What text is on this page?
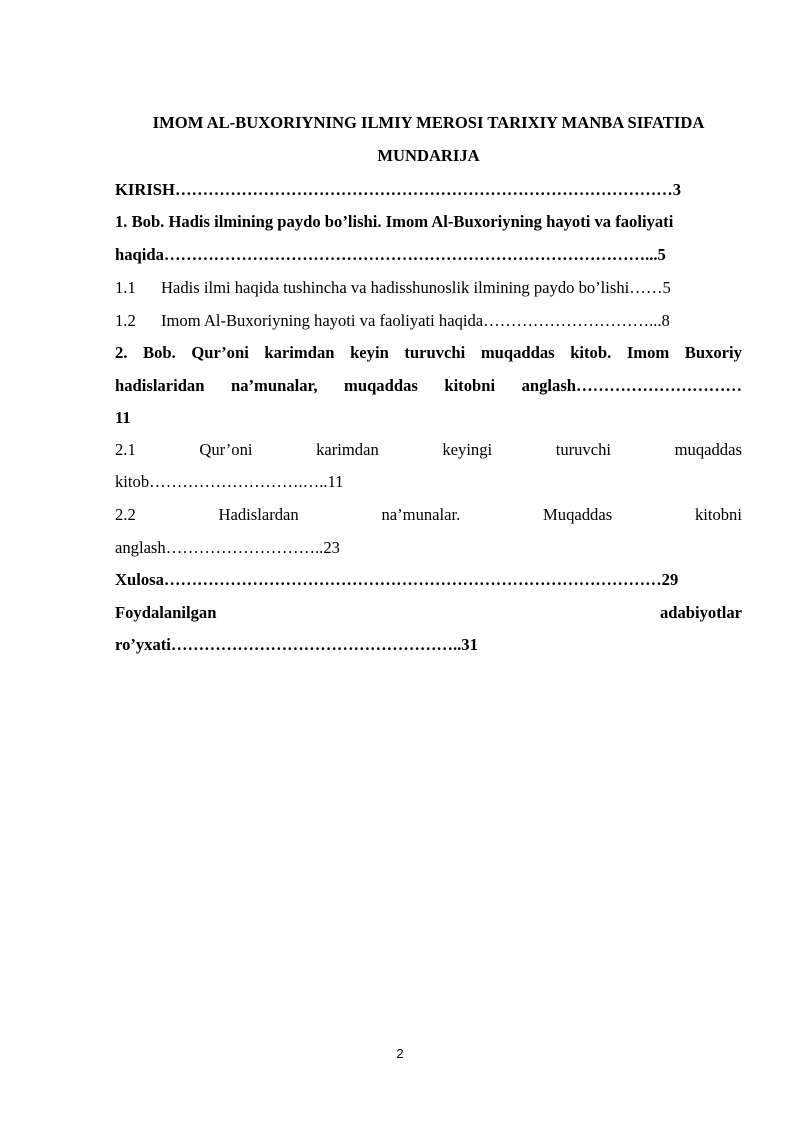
IMOM AL-BUXORIYNING ILMIY MEROSI TARIXIY MANBA SIFATIDA
MUNDARIJA
KIRISH………………………………………………………………………………3
1. Bob. Hadis ilmining paydo bo’lishi. Imom Al-Buxoriyning hayoti va faoliyati
haqida……………………………………………………………………………...5
1.1 Hadis ilmi haqida tushincha va hadisshunoslik ilmining paydo bo’lishi……5
1.2 Imom Al-Buxoriyning hayoti va faoliyati haqida…………………………...8
2. Bob. Qur’oni karimdan keyin turuvchi muqaddas kitob. Imom Buxoriy
hadislaridan na’munalar, muqaddas kitobni anglash…………………………
11
2.1	Qur’oni	karimdan	keyingi	turuvchi	muqaddas
kitob……………………….…..11
2.2	Hadislardan	na’munalar.	Muqaddas	kitobni
anglash………………………..23
Xulosa………………………………………………………………………………29
Foydalanilgan	adabiyotlar
ro’yxati……………………………………………..31
2
